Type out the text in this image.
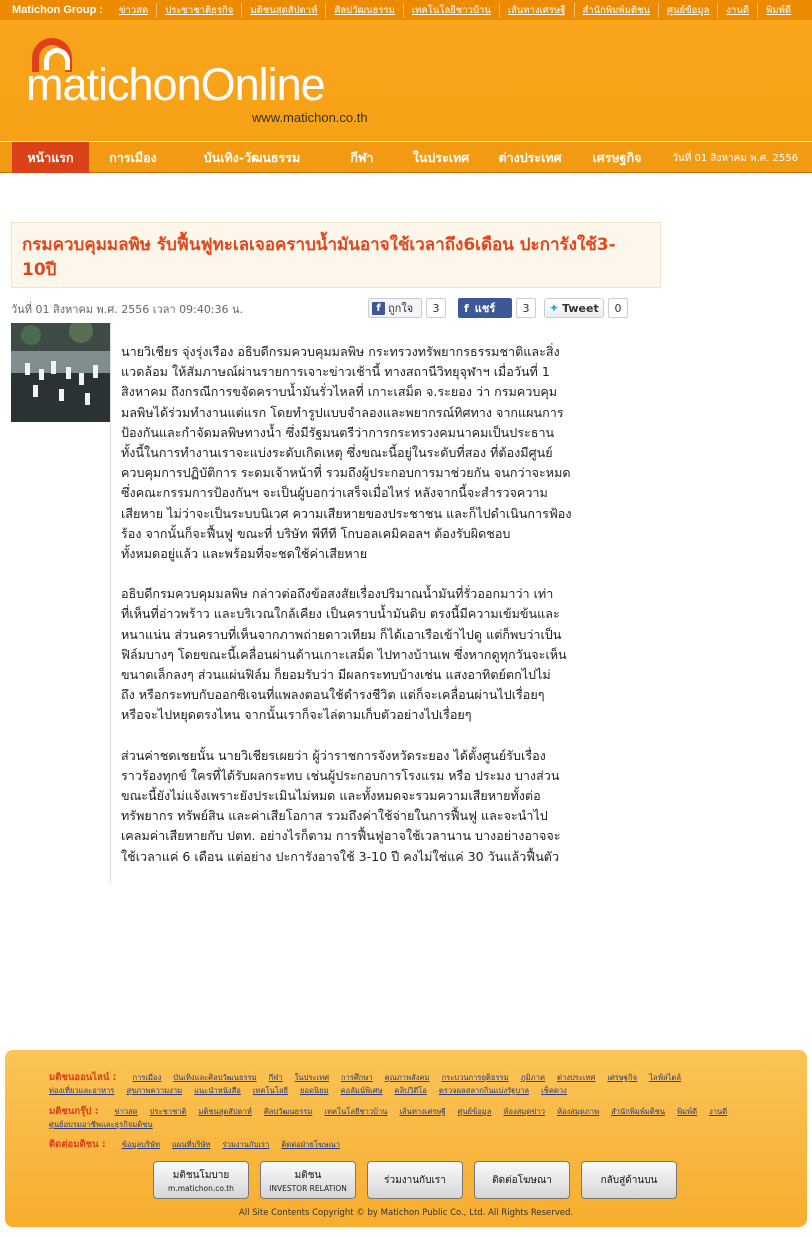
Matichon Group :	ข่าวสด	ประชาชาติธุรกิจ	มติชนสุดสัปดาห์	ศิลปวัฒนธรรม	เทคโนโลยีชาวบ้าน	เส้นทางเศรษฐี	สำนักพิมพ์มติชน	ศูนย์ข้อมูล	งานดี	พิมพ์ดี
matichonOnline
www.matichon.co.th
หน้าแรก	การเมือง	บันเทิง-วัฒนธรรม	กีฬา	ในประเทศ	ต่างประเทศ	เศรษฐกิจ	วันที่ 01 สิงหาคม พ.ศ. 2556
กรมควบคุมมลพิษ รับฟื้นฟูทะเลเจอคราบน้ำมันอาจใช้เวลาถึง6เดือน ปะการังใช้3-10ปี
วันที่ 01 สิงหาคม พ.ศ. 2556 เวลา 09:40:36 น.	f ถูกใจ	3	f แชร์	3	✦ Tweet	0

นายวิเชียร จุ่งรุ่งเรือง อธิบดีกรมควบคุมมลพิษ กระทรวงทรัพยากรธรรมชาติและสิ่ง
แวดล้อม ให้สัมภาษณ์ผ่านรายการเจาะข่าวเช้านี้ ทางสถานีวิทยุจุฬาฯ เมื่อวันที่ 1
สิงหาคม ถึงกรณีการขจัดคราบน้ำมันรั่วไหลที่ เกาะเสม็ด จ.ระยอง ว่า กรมควบคุม
มลพิษได้ร่วมทำงานแต่แรก โดยทำรูปแบบจำลองและพยากรณ์ทิศทาง จากแผนการ
ป้องกันและกำจัดมลพิษทางน้ำ ซึ่งมีรัฐมนตรีว่าการกระทรวงคมนาคมเป็นประธาน
ทั้งนี้ในการทำงานเราจะแบ่งระดับเกิดเหตุ ซึ่งขณะนี้อยู่ในระดับที่สอง ที่ต้องมีศูนย์
ควบคุมการปฏิบัติการ ระดมเจ้าหน้าที่ รวมถึงผู้ประกอบการมาช่วยกัน จนกว่าจะหมด
ซึ่งคณะกรรมการป้องกันฯ จะเป็นผู้บอกว่าเสร็จเมื่อไหร่ หลังจากนี้จะสำรวจความ
เสียหาย ไม่ว่าจะเป็นระบบนิเวศ ความเสียหายของประชาชน และก็ไปดำเนินการฟ้อง
ร้อง จากนั้นก็จะฟื้นฟู ขณะที่ บริษัท พีทีที โกบอลเคมิคอลฯ ต้องรับผิดชอบ
ทั้งหมดอยู่แล้ว และพร้อมที่จะชดใช้ค่าเสียหาย

อธิบดีกรมควบคุมมลพิษ กล่าวต่อถึงข้อสงสัยเรื่องปริมาณน้ำมันที่รั่วออกมาว่า เท่า
ที่เห็นที่อ่าวพร้าว และบริเวณใกล้เคียง เป็นคราบน้ำมันดิบ ตรงนี้มีความเข้มข้นและ
หนาแน่น ส่วนคราบที่เห็นจากภาพถ่ายดาวเทียม ก็ได้เอาเรือเข้าไปดู แต่ก็พบว่าเป็น
ฟิล์มบางๆ โดยขณะนี้เคลื่อนผ่านด้านเกาะเสม็ด ไปทางบ้านเพ ซึ่งหากดูทุกวันจะเห็น
ขนาดเล็กลงๆ ส่วนแผ่นฟิล์ม ก็ยอมรับว่า มีผลกระทบบ้างเช่น แสงอาทิตย์ตกไปไม่
ถึง หรือกระทบกับออกซิเจนที่แพลงตอนใช้ดำรงชีวิต แต่ก็จะเคลื่อนผ่านไปเรื่อยๆ
หรือจะไปหยุดตรงไหน จากนั้นเราก็จะไล่ตามเก็บตัวอย่างไปเรื่อยๆ

ส่วนค่าชดเชยนั้น นายวิเชียรเผยว่า ผู้ว่าราชการจังหวัดระยอง ได้ตั้งศูนย์รับเรื่อง
ราวร้องทุกข์ ใครที่ได้รับผลกระทบ เช่นผู้ประกอบการโรงแรม หรือ ประมง บางส่วน
ขณะนี้ยังไม่แจ้งเพราะยังประเมินไม่หมด และทั้งหมดจะรวมความเสียหายทั้งต่อ
ทรัพยากร ทรัพย์สิน และค่าเสียโอกาส รวมถึงค่าใช้จ่ายในการฟื้นฟู และจะนำไป
เคลมค่าเสียหายกับ ปตท. อย่างไรก็ตาม การฟื้นฟูอาจใช้เวลานาน บางอย่างอาจจะ
ใช้เวลาแค่ 6 เดือน แต่อย่าง ปะการังอาจใช้ 3-10 ปี คงไม่ใช่แค่ 30 วันแล้วฟื้นตัว

มติชนออนไลน์ : การเมือง บันเทิงและศิลปวัฒนธรรม กีฬา ในประเทศ การศึกษา คุณภาพสังคม กระบวนการยุติธรรม ภูมิภาค ต่างประเทศ เศรษฐกิจ ไลฟ์สไตล์
ท่องเที่ยวและอาหาร สุขภาพความงาม แนะนำหนังสือ เทคโนโลยี ยอดนิยม คอลัมน์พิเศษ คลิปวิดีโอ ตรวจผลสลากกินแบ่งรัฐบาล เช็คดวง
มติชนกรุ๊ป : ข่าวสด ประชาชาติ มติชนสุดสัปดาห์ ศิลปวัฒนธรรม เทคโนโลยีชาวบ้าน เส้นทางเศรษฐี ศูนย์ข้อมูล ห้องสมุดข่าว ห้องสมุดภาพ สำนักพิมพ์มติชน พิมพ์ดี งานดี
ศูนย์อบรมอาชีพและธุรกิจมติชน
ติดต่อมติชน : ข้อมูลบริษัท แผนที่บริษัท ร่วมงานกับเรา ติดต่อฝ่ายโฆษณา
มติชนโมบาย
m.matichon.co.th
มติชน
INVESTOR RELATION
ร่วมงานกับเรา	ติดต่อโฆษณา	กลับสู่ด้านบน
All Site Contents Copyright © by Matichon Public Co., Ltd. All Rights Reserved.
